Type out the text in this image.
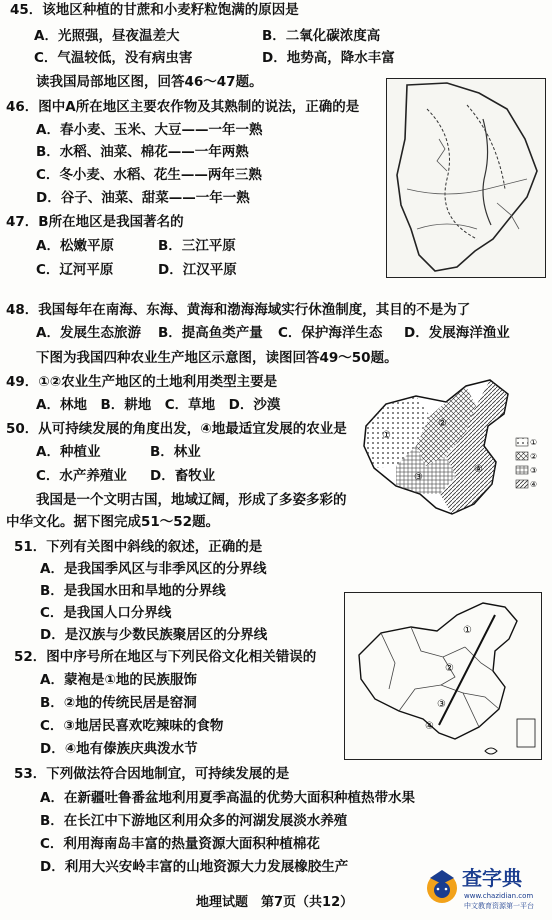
45．该地区种植的甘蔗和小麦籽粒饱满的原因是
A．光照强，昼夜温差大	B．二氧化碳浓度高
C．气温较低，没有病虫害	D．地势高，降水丰富
读我国局部地区图，回答46～47题。
46．图中A所在地区主要农作物及其熟制的说法，正确的是
A．春小麦、玉米、大豆——一年一熟
B．水稻、油菜、棉花——一年两熟
C．冬小麦、水稻、花生——两年三熟
D．谷子、油菜、甜菜——一年一熟
47．B所在地区是我国著名的
A．松嫩平原	B．三江平原
C．辽河平原	D．江汉平原
48．我国每年在南海、东海、黄海和渤海海域实行休渔制度，其目的不是为了
A．发展生态旅游 B．提高鱼类产量 C．保护海洋生态 D．发展海洋渔业
下图为我国四种农业生产地区示意图，读图回答49～50题。
①
②
③
④
①
②
③
④
49．①②农业生产地区的土地利用类型主要是
A．林地　B．耕地　C．草地　D．沙漠
50．从可持续发展的角度出发，④地最适宜发展的农业是
A．种植业	B．林业
C．水产养殖业 D．畜牧业
我国是一个文明古国，地域辽阔，形成了多姿多彩的
中华文化。据下图完成51～52题。
51．下列有关图中斜线的叙述，正确的是
A．是我国季风区与非季风区的分界线
B．是我国水田和旱地的分界线
C．是我国人口分界线
D．是汉族与少数民族聚居区的分界线	①
②
③
④
52．图中序号所在地区与下列民俗文化相关错误的
A．蒙袍是①地的民族服饰
B．②地的传统民居是窑洞
C．③地居民喜欢吃辣味的食物
D．④地有傣族庆典泼水节
53．下列做法符合因地制宜，可持续发展的是
A．在新疆吐鲁番盆地利用夏季高温的优势大面积种植热带水果
B．在长江中下游地区利用众多的河湖发展淡水养殖
C．利用海南岛丰富的热量资源大面积种植棉花
D．利用大兴安岭丰富的山地资源大力发展橡胶生产
地理试题　第7页（共12）
查字典
www.chazidian.com
中文教育资源第一平台
